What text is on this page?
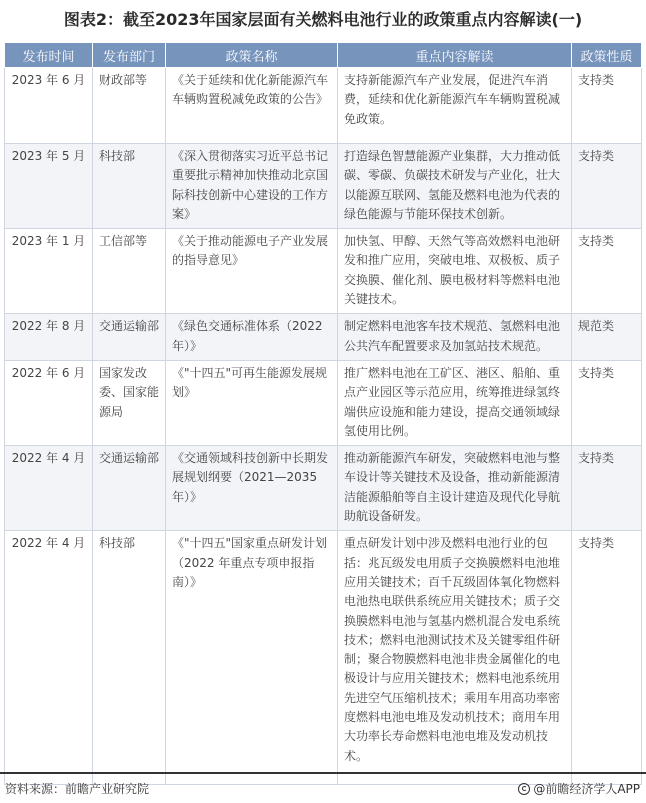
图表2：截至2023年国家层面有关燃料电池行业的政策重点内容解读(一)
发布时间	发布部门	政策名称	重点内容解读	政策性质
2023 年 6 月	财政部等	《关于延续和优化新能源汽车车辆购置税减免政策的公告》	支持新能源汽车产业发展，促进汽车消费，延续和优化新能源汽车车辆购置税减免政策。	支持类
2023 年 5 月	科技部	《深入贯彻落实习近平总书记重要批示精神加快推动北京国际科技创新中心建设的工作方案》	打造绿色智慧能源产业集群，大力推动低碳、零碳、负碳技术研发与产业化，壮大以能源互联网、氢能及燃料电池为代表的绿色能源与节能环保技术创新。	支持类
2023 年 1 月	工信部等	《关于推动能源电子产业发展的指导意见》	加快氢、甲醇、天然气等高效燃料电池研发和推广应用，突破电堆、双极板、质子交换膜、催化剂、膜电极材料等燃料电池关键技术。	支持类
2022 年 8 月	交通运输部	《绿色交通标准体系（2022年）》	制定燃料电池客车技术规范、氢燃料电池公共汽车配置要求及加氢站技术规范。	规范类
2022 年 6 月	国家发改委、国家能源局	《"十四五"可再生能源发展规划》	推广燃料电池在工矿区、港区、船舶、重点产业园区等示范应用，统筹推进绿氢终端供应设施和能力建设，提高交通领域绿氢使用比例。	支持类
2022 年 4 月	交通运输部	《交通领域科技创新中长期发展规划纲要（2021—2035年）》	推动新能源汽车研发，突破燃料电池与整车设计等关键技术及设备，推动新能源清洁能源船舶等自主设计建造及现代化导航助航设备研发。	支持类
2022 年 4 月	科技部	《"十四五"国家重点研发计划（2022 年重点专项申报指南）》	重点研发计划中涉及燃料电池行业的包括：兆瓦级发电用质子交换膜燃料电池堆应用关键技术；百千瓦级固体氧化物燃料电池热电联供系统应用关键技术；质子交换膜燃料电池与氢基内燃机混合发电系统技术；燃料电池测试技术及关键零组件研制；聚合物膜燃料电池非贵金属催化的电极设计与应用关键技术；燃料电池系统用先进空气压缩机技术；乘用车用高功率密度燃料电池电堆及发动机技术；商用车用大功率长寿命燃料电池电堆及发动机技术。	支持类
资料来源：前瞻产业研究院	@前瞻经济学人APP
